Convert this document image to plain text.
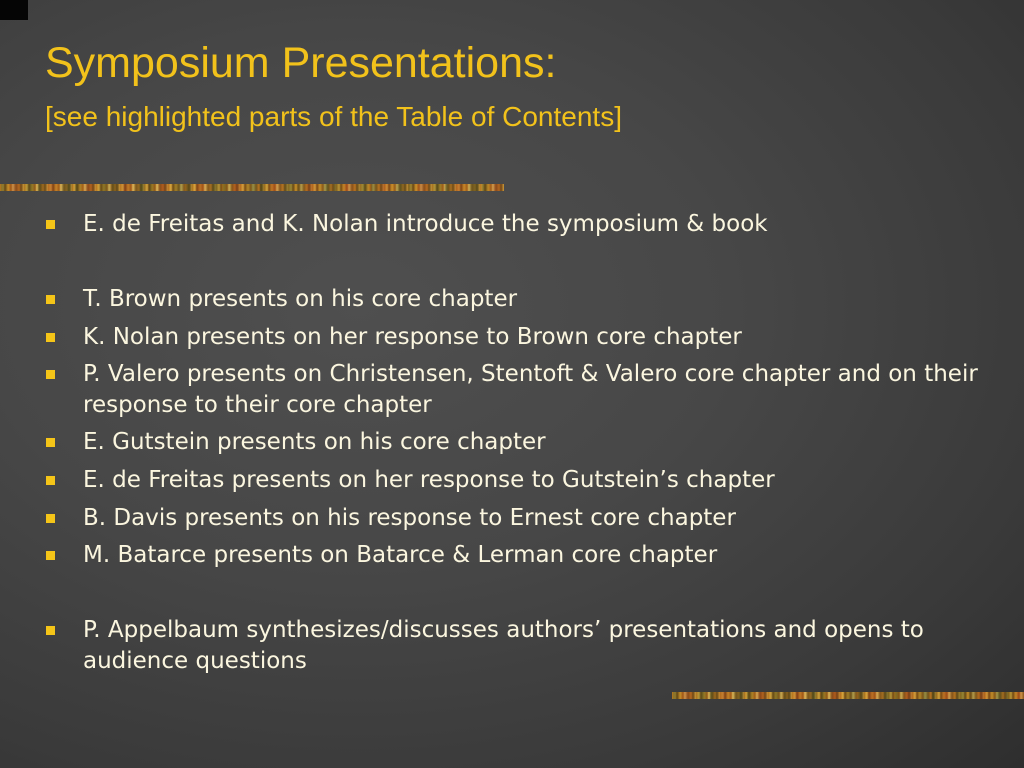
Symposium Presentations:
[see highlighted parts of the Table of Contents]
E. de Freitas and K. Nolan introduce the symposium & book
T. Brown presents on his core chapter
K. Nolan presents on her response to Brown core chapter
P. Valero presents on Christensen, Stentoft & Valero core chapter and on their response to their core chapter
E. Gutstein presents on his core chapter
E. de Freitas presents on her response to Gutstein’s chapter
B. Davis presents on his response to Ernest core chapter
M. Batarce presents on Batarce & Lerman core chapter
P. Appelbaum synthesizes/discusses authors’ presentations and opens to audience questions
